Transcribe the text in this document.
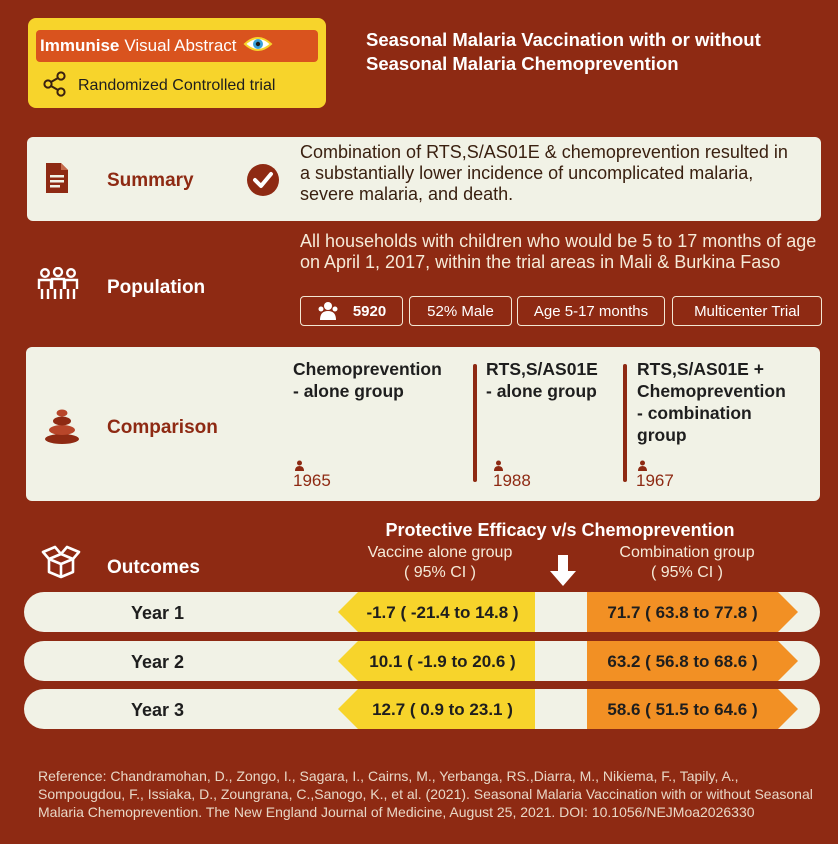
Immunise Visual Abstract
Randomized Controlled trial
Seasonal Malaria Vaccination with or without Seasonal Malaria Chemoprevention
Summary
Combination of RTS,S/AS01E & chemoprevention resulted in a substantially lower incidence of uncomplicated malaria, severe malaria, and death.
Population
All households with children who would be 5 to 17 months of age on April 1, 2017, within the trial areas in Mali & Burkina Faso
5920	52% Male	Age 5-17 months	Multicenter Trial
Comparison
Chemoprevention
- alone group
1965
RTS,S/AS01E
- alone group
1988
RTS,S/AS01E +
Chemoprevention
- combination
group
1967
Outcomes
Protective Efficacy v/s Chemoprevention
Vaccine alone group
( 95% CI )
Combination group
( 95% CI )
Year 1	-1.7 ( -21.4 to 14.8 )	71.7 ( 63.8 to 77.8 )
Year 2	10.1 ( -1.9 to 20.6 )	63.2 ( 56.8 to 68.6 )
Year 3	12.7 ( 0.9 to 23.1 )	58.6 ( 51.5 to 64.6 )
Reference: Chandramohan, D., Zongo, I., Sagara, I., Cairns, M., Yerbanga, RS.,Diarra, M., Nikiema, F., Tapily, A., Sompougdou, F., Issiaka, D., Zoungrana, C.,Sanogo, K., et al. (2021). Seasonal Malaria Vaccination with or without Seasonal Malaria Chemoprevention. The New England Journal of Medicine, August 25, 2021. DOI: 10.1056/NEJMoa2026330
